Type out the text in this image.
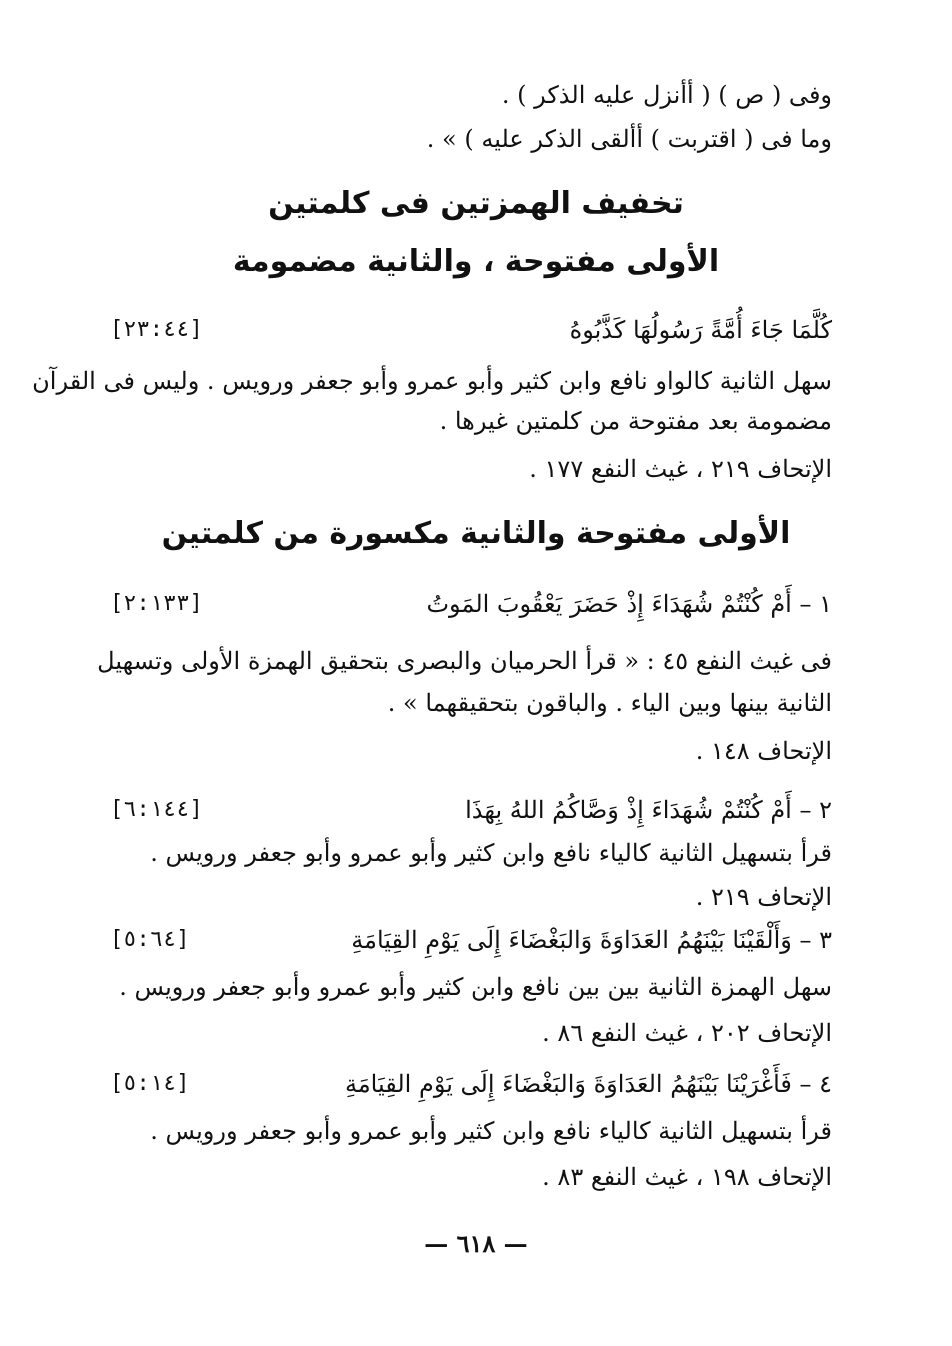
وفى ( ص ) ( أأنزل عليه الذكر ) .
وما فى ( اقتربت ) أألقى الذكر عليه ) » .
تخفيف الهمزتين فى كلمتين
الأولى مفتوحة ، والثانية مضمومة
كُلَّمَا جَاءَ أُمَّةً رَسُولُهَا كَذَّبُوهُ
[٢٣:٤٤]
سهل الثانية كالواو نافع وابن كثير وأبو عمرو وأبو جعفر ورويس . وليس فى القرآن
مضمومة بعد مفتوحة من كلمتين غيرها .
الإتحاف ٢١٩ ، غيث النفع ١٧٧ .
الأولى مفتوحة والثانية مكسورة من كلمتين
١ – أَمْ كُنْتُمْ شُهَدَاءَ إِذْ حَضَرَ يَعْقُوبَ المَوتُ
[٢:١٣٣]
فى غيث النفع ٤٥ : « قرأ الحرميان والبصرى بتحقيق الهمزة الأولى وتسهيل
الثانية بينها وبين الياء . والباقون بتحقيقهما » .
الإتحاف ١٤٨ .
٢ – أَمْ كُنْتُمْ شُهَدَاءَ إِذْ وَصَّاكُمُ اللهُ بِهَذَا
[٦:١٤٤]
قرأ بتسهيل الثانية كالياء نافع وابن كثير وأبو عمرو وأبو جعفر ورويس .
الإتحاف ٢١٩ .
٣ – وَأَلْقَيْنَا بَيْنَهُمُ العَدَاوَةَ وَالبَغْضَاءَ إِلَى يَوْمِ القِيَامَةِ
[٥:٦٤]
سهل الهمزة الثانية بين بين نافع وابن كثير وأبو عمرو وأبو جعفر ورويس .
الإتحاف ٢٠٢ ، غيث النفع ٨٦ .
٤ – فَأَغْرَيْنَا بَيْنَهُمُ العَدَاوَةَ وَالبَغْضَاءَ إِلَى يَوْمِ القِيَامَةِ
[٥:١٤]
قرأ بتسهيل الثانية كالياء نافع وابن كثير وأبو عمرو وأبو جعفر ورويس .
الإتحاف ١٩٨ ، غيث النفع ٨٣ .
— ٦١٨ —
